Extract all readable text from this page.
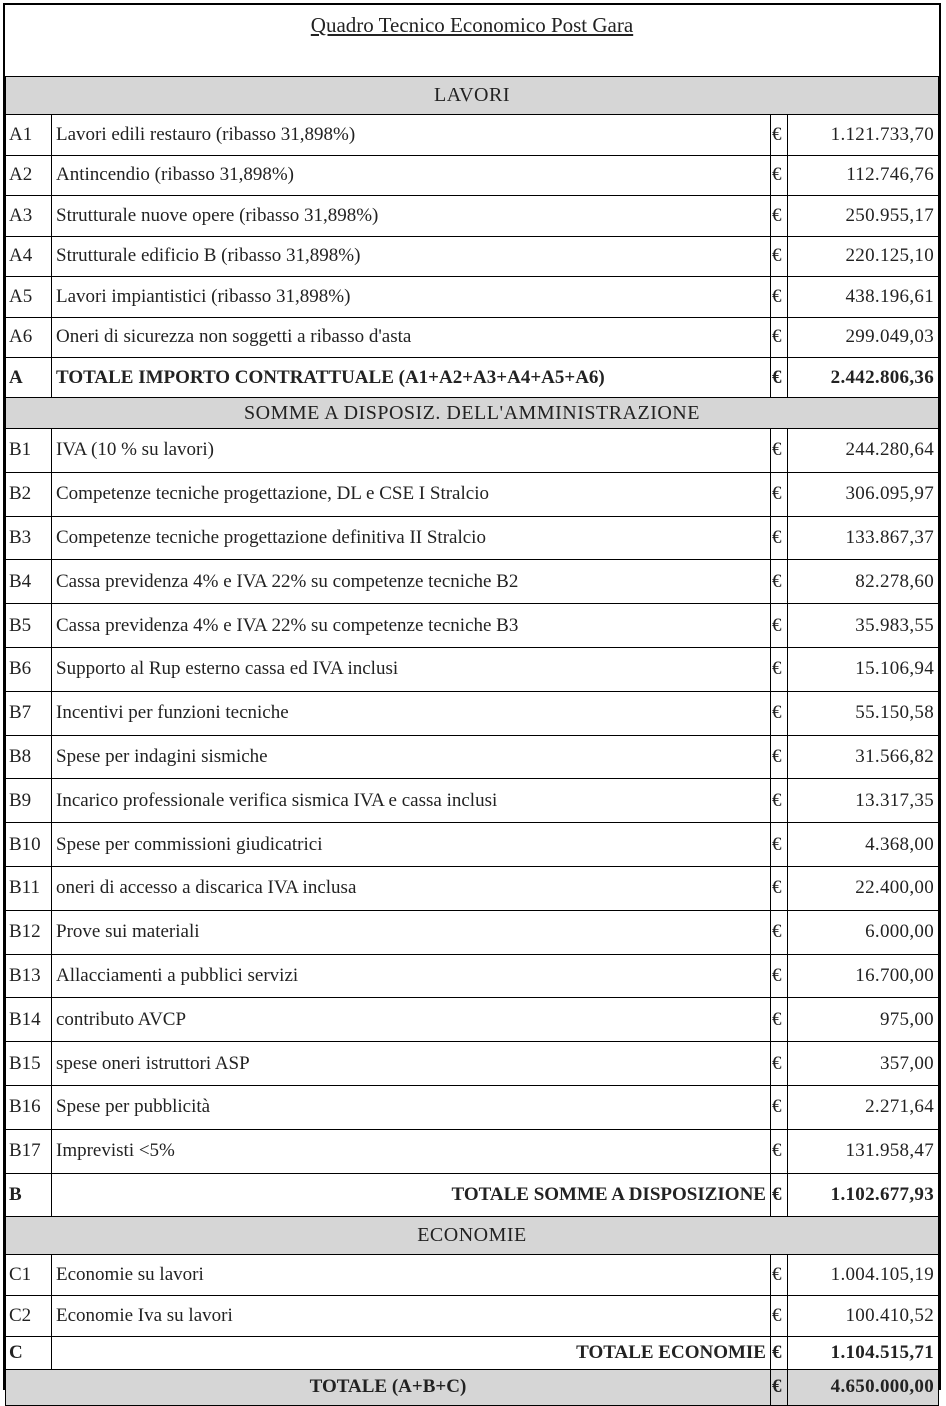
Quadro Tecnico Economico Post Gara			
LAVORI			
A1	Lavori edili restauro (ribasso 31,898%)	€	1.121.733,70
A2	Antincendio (ribasso 31,898%)	€	112.746,76
A3	Strutturale nuove opere (ribasso 31,898%)	€	250.955,17
A4	Strutturale edificio B (ribasso 31,898%)	€	220.125,10
A5	Lavori impiantistici (ribasso 31,898%)	€	438.196,61
A6	Oneri di sicurezza non soggetti a ribasso d'asta	€	299.049,03
A	TOTALE IMPORTO CONTRATTUALE (A1+A2+A3+A4+A5+A6)	€	2.442.806,36
SOMME A DISPOSIZ. DELL'AMMINISTRAZIONE			
B1	IVA (10 % su lavori)	€	244.280,64
B2	Competenze tecniche progettazione, DL e CSE I Stralcio	€	306.095,97
B3	Competenze tecniche progettazione definitiva II Stralcio	€	133.867,37
B4	Cassa previdenza 4% e IVA 22% su competenze tecniche B2	€	82.278,60
B5	Cassa previdenza 4% e IVA 22% su competenze tecniche B3	€	35.983,55
B6	Supporto al Rup esterno cassa ed IVA inclusi	€	15.106,94
B7	Incentivi per funzioni tecniche	€	55.150,58
B8	Spese per indagini sismiche	€	31.566,82
B9	Incarico professionale verifica sismica IVA e cassa inclusi	€	13.317,35
B10	Spese per commissioni giudicatrici	€	4.368,00
B11	oneri di accesso a discarica IVA inclusa	€	22.400,00
B12	Prove sui materiali	€	6.000,00
B13	Allacciamenti a pubblici servizi	€	16.700,00
B14	contributo AVCP	€	975,00
B15	spese oneri istruttori ASP	€	357,00
B16	Spese per pubblicità	€	2.271,64
B17	Imprevisti <5%	€	131.958,47
B	TOTALE SOMME A DISPOSIZIONE	€	1.102.677,93
ECONOMIE			
C1	Economie su lavori	€	1.004.105,19
C2	Economie Iva su lavori	€	100.410,52
C	TOTALE ECONOMIE	€	1.104.515,71
TOTALE (A+B+C)		€	4.650.000,00
